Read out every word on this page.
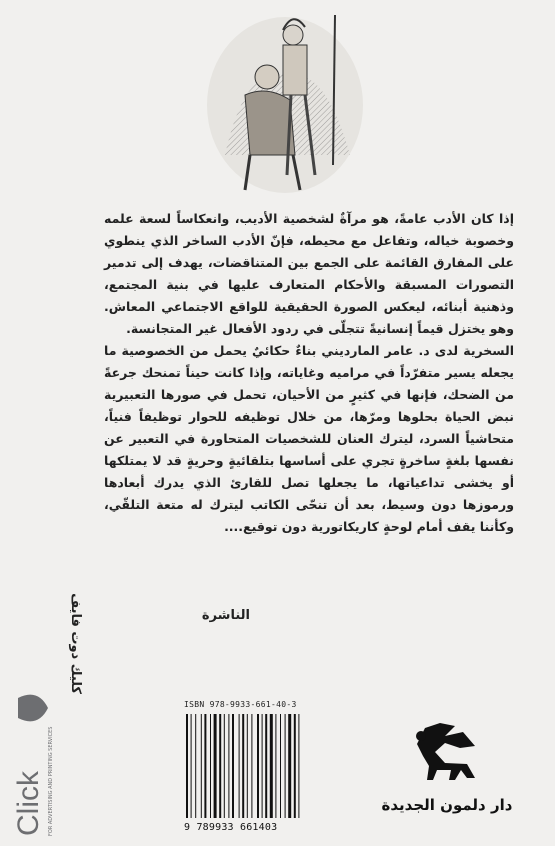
إذا كان الأدب عامةً، هو مرآةٌ لشخصية الأديب، وانعكاساً لسعة علمه وخصوبة خياله، وتفاعل مع محيطه، فإنّ الأدب الساخر الذي ينطوي على المفارق القائمة على الجمع بين المتناقضات، يهدف إلى تدمير التصورات المسبقة والأحكام المتعارف عليها في بنية المجتمع، وذهنية أبنائه، ليعكس الصورة الحقيقية للواقع الاجتماعي المعاش. وهو يختزل قيماً إنسانيةً تتجلّى في ردود الأفعال غير المتجانسة.

السخرية لدى د. عامر المارديني بناءٌ حكائيٌ يحمل من الخصوصية ما يجعله يسير متفرّداً في مراميه وغاياته، وإذا كانت حيناً تمنحك جرعةً من الضحك، فإنها في كثيرٍ من الأحيان، تحمل في صورها التعبيرية نبض الحياة بحلوها ومرّها، من خلال توظيفه للحوار توظيفاً فنياً، متحاشياً السرد، ليترك العنان للشخصيات المتحاورة في التعبير عن نفسها بلغةٍ ساخرةٍ تجري على أساسها بتلقائيةٍ وحريةٍ قد لا يمتلكها أو يخشى تداعياتها، ما يجعلها تصل للقارئ الذي يدرك أبعادها ورموزها دون وسيط، بعد أن تنحّى الكاتب ليترك له متعة التلقّي، وكأننا يقف أمام لوحةٍ كاريكاتورية دون توقيع....

الناشرة
Click FOR ADVERTISING AND PRINTING SERVICES
كليك دوت فايف
ISBN 978-9933-661-40-3
9 789933 661403
دار دلمون الجديدة
